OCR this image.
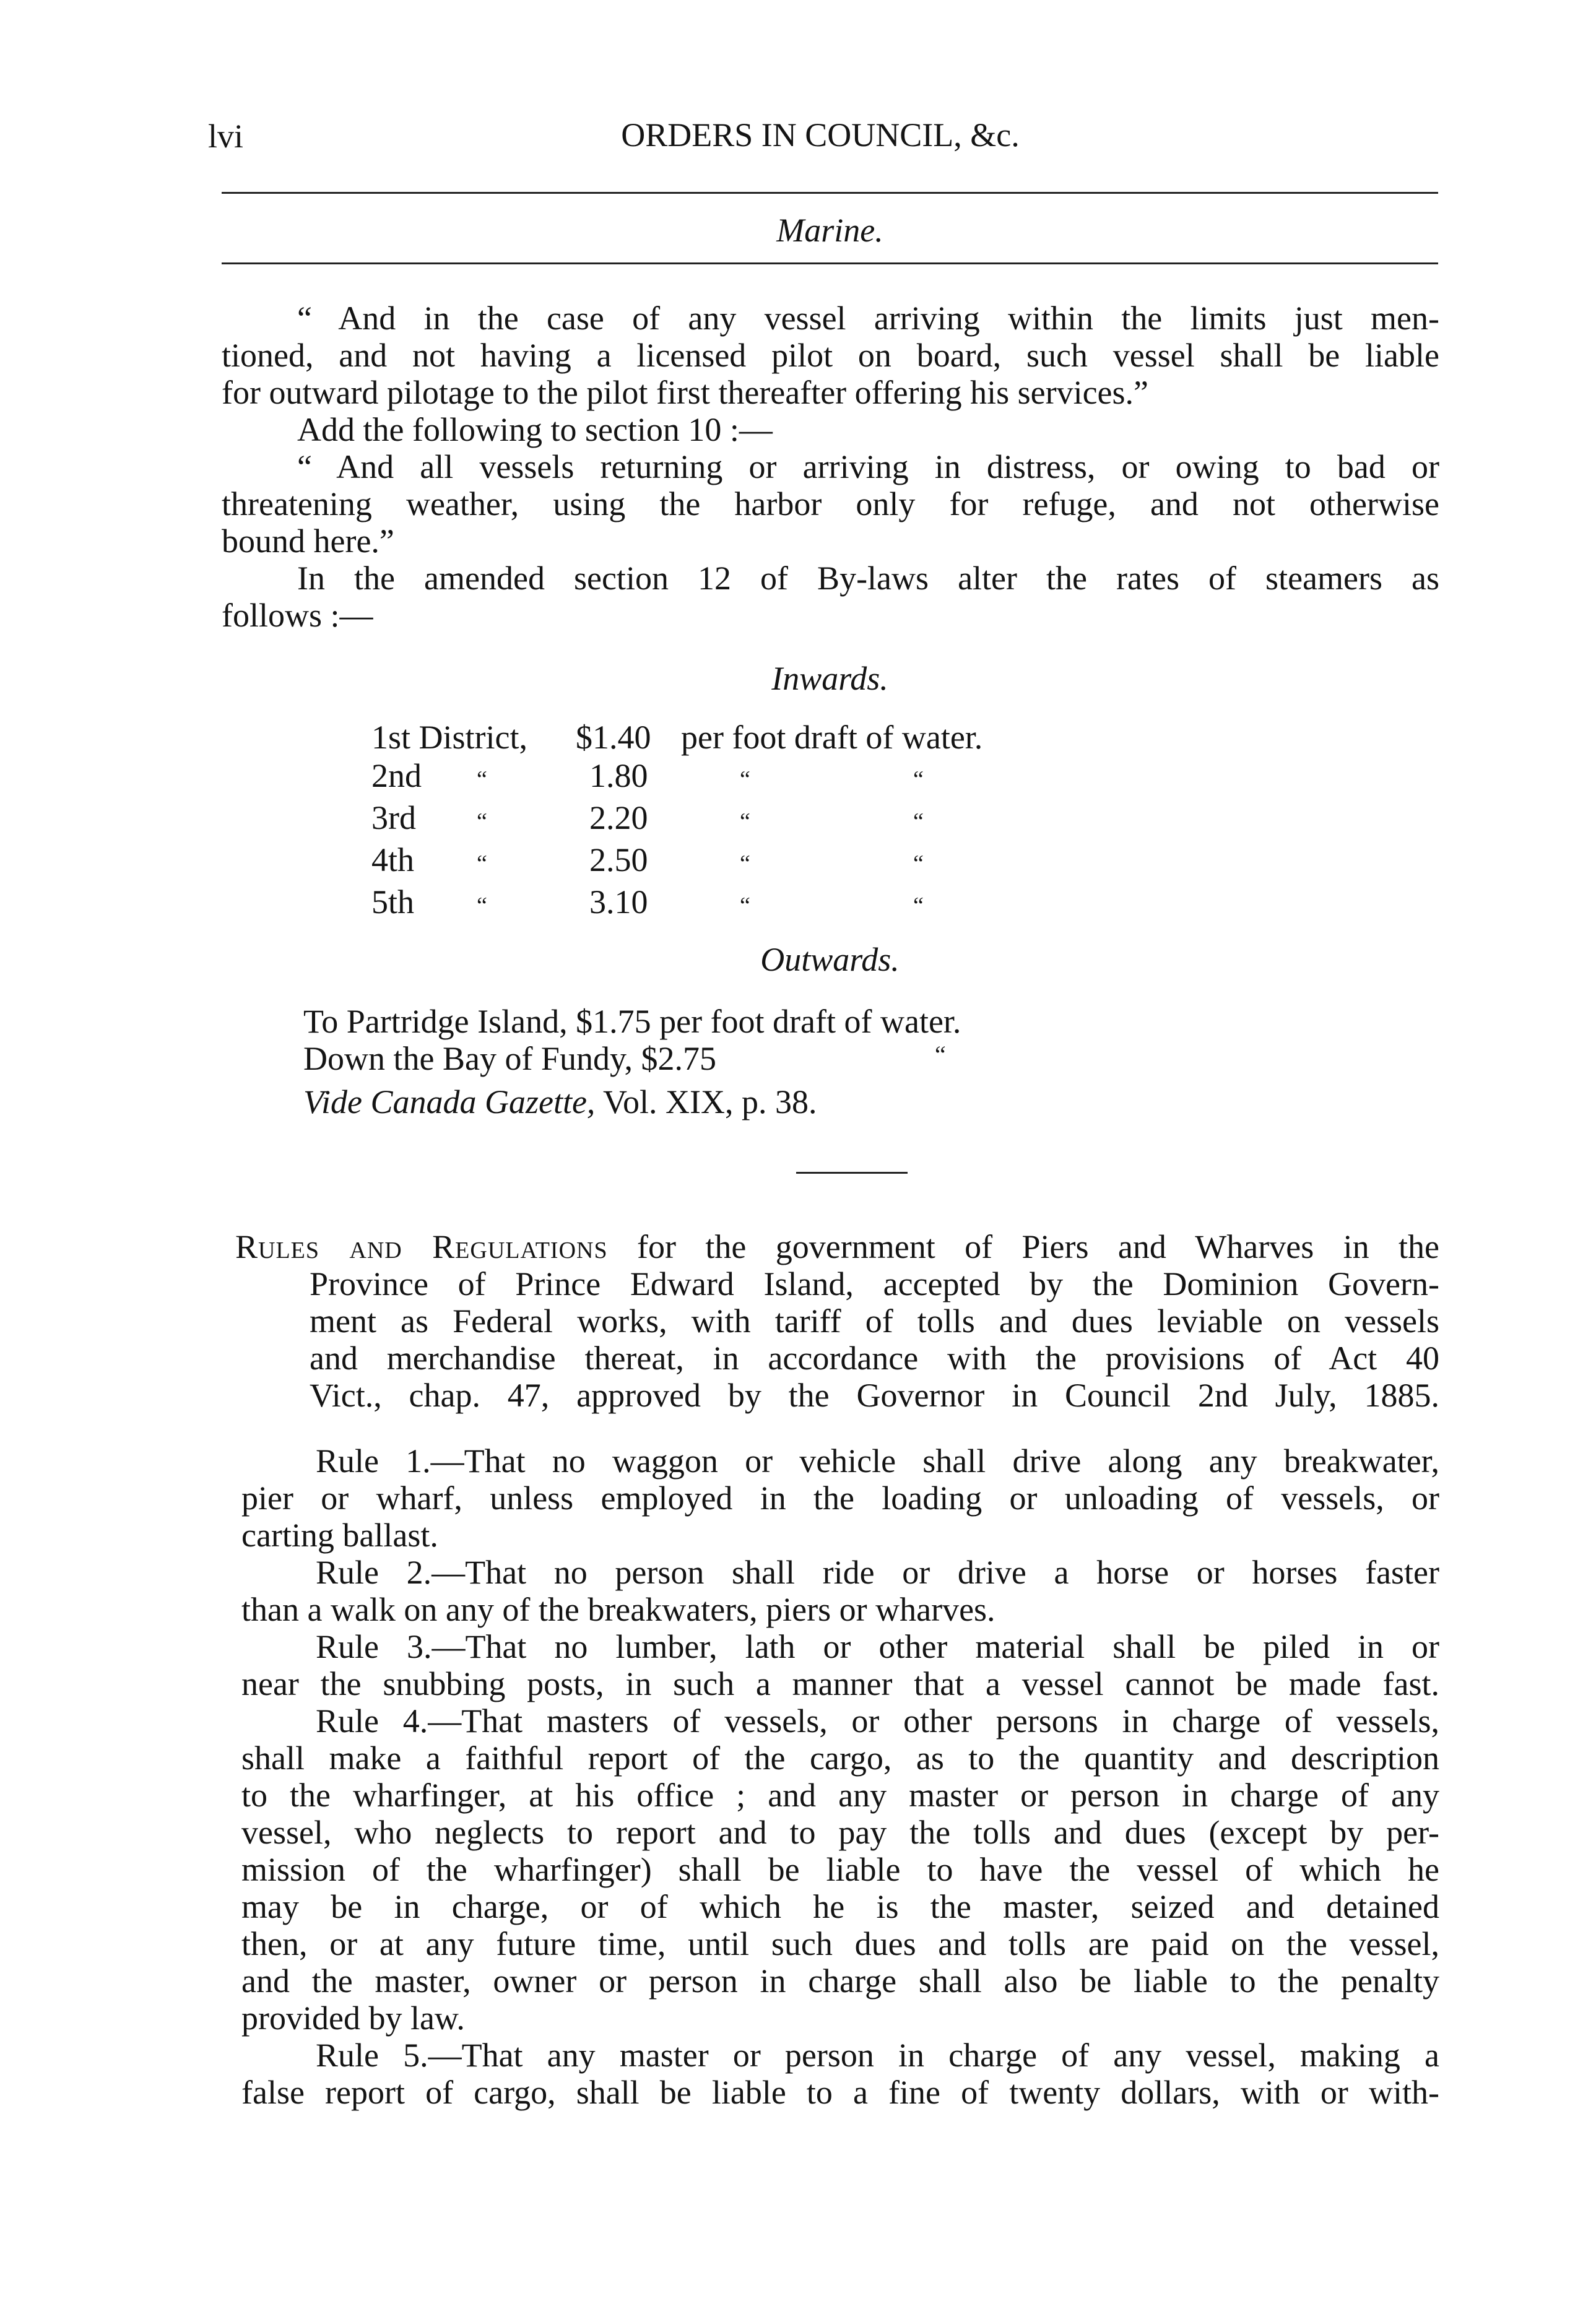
lvi	ORDERS IN COUNCIL, &c.
Marine.
“ And in the case of any vessel arriving within the limits just men-
tioned, and not having a licensed pilot on board, such vessel shall be liable
for outward pilotage to the pilot first thereafter offering his services.”
Add the following to section 10 :—
“ And all vessels returning or arriving in distress, or owing to bad or
threatening weather, using the harbor only for refuge, and not otherwise
bound here.”
In the amended section 12 of By-laws alter the rates of steamers as
follows :—
Inwards.
1st District,		$1.40	per foot draft of water.	
2nd	“	1.80	“	“
3rd	“	2.20	“	“
4th	“	2.50	“	“
5th	“	3.10	“	“
Outwards.
To Partridge Island, $1.75 per foot draft of water.
Down the Bay of Fundy, $2.75	“
Vide Canada Gazette, Vol. XIX, p. 38.
Rules and Regulations for the government of Piers and Wharves in the
Province of Prince Edward Island, accepted by the Dominion Govern-
ment as Federal works, with tariff of tolls and dues leviable on vessels
and merchandise thereat, in accordance with the provisions of Act 40
Vict., chap. 47, approved by the Governor in Council 2nd July, 1885.
Rule 1.—That no waggon or vehicle shall drive along any breakwater,
pier or wharf, unless employed in the loading or unloading of vessels, or
carting ballast.
Rule 2.—That no person shall ride or drive a horse or horses faster
than a walk on any of the breakwaters, piers or wharves.
Rule 3.—That no lumber, lath or other material shall be piled in or
near the snubbing posts, in such a manner that a vessel cannot be made fast.
Rule 4.—That masters of vessels, or other persons in charge of vessels,
shall make a faithful report of the cargo, as to the quantity and description
to the wharfinger, at his office ; and any master or person in charge of any
vessel, who neglects to report and to pay the tolls and dues (except by per-
mission of the wharfinger) shall be liable to have the vessel of which he
may be in charge, or of which he is the master, seized and detained
then, or at any future time, until such dues and tolls are paid on the vessel,
and the master, owner or person in charge shall also be liable to the penalty
provided by law.
Rule 5.—That any master or person in charge of any vessel, making a
false report of cargo, shall be liable to a fine of twenty dollars, with or with-
